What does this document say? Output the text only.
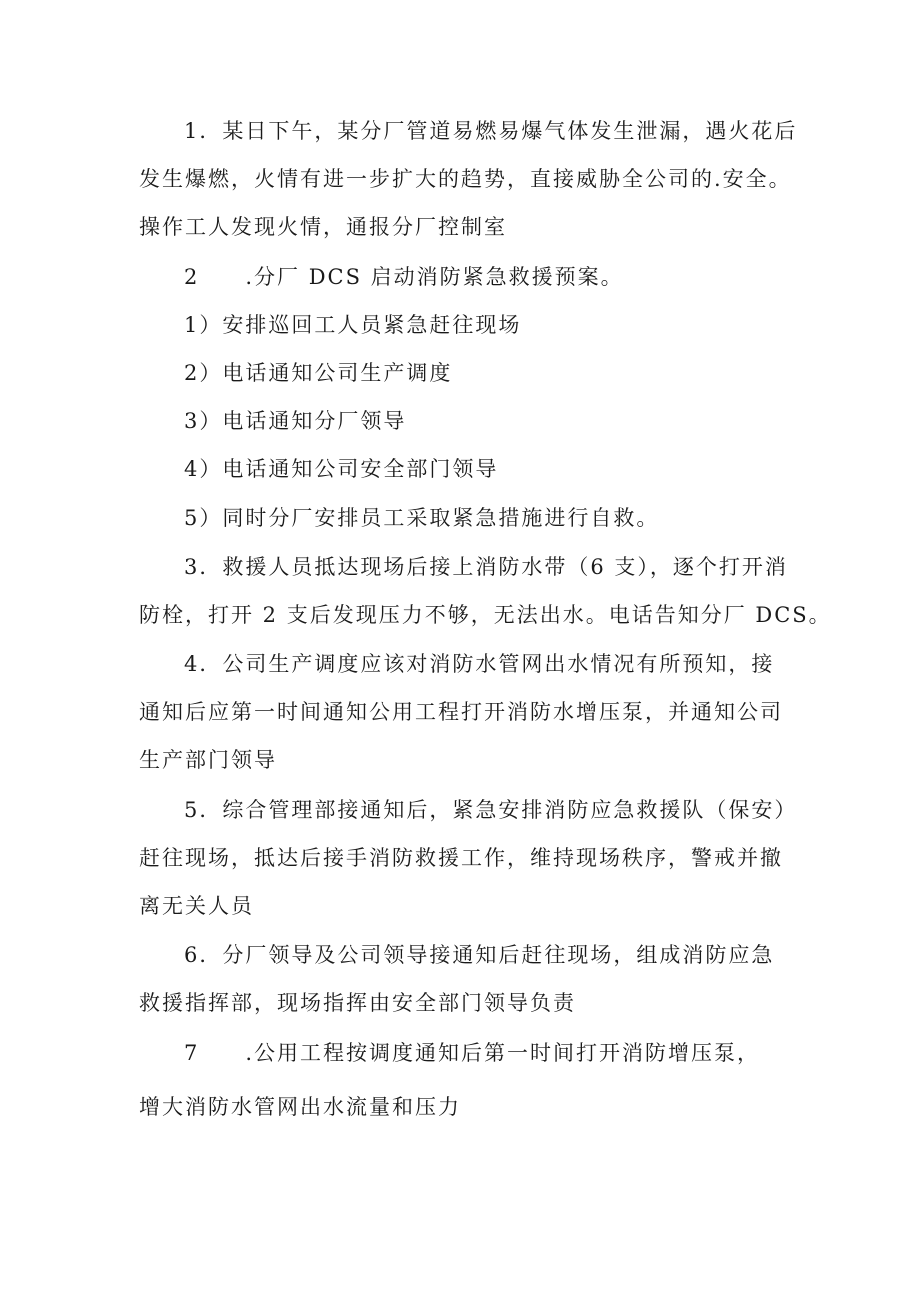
1．某日下午，某分厂管道易燃易爆气体发生泄漏，遇火花后
发生爆燃，火情有进一步扩大的趋势，直接威胁全公司的.安全。
操作工人发现火情，通报分厂控制室
2　　.分厂 DCS 启动消防紧急救援预案。
1）安排巡回工人员紧急赶往现场
2）电话通知公司生产调度
3）电话通知分厂领导
4）电话通知公司安全部门领导
5）同时分厂安排员工采取紧急措施进行自救。
3．救援人员抵达现场后接上消防水带（6 支），逐个打开消
防栓，打开 2 支后发现压力不够，无法出水。电话告知分厂 DCS。
4．公司生产调度应该对消防水管网出水情况有所预知，接
通知后应第一时间通知公用工程打开消防水增压泵，并通知公司
生产部门领导
5．综合管理部接通知后，紧急安排消防应急救援队（保安）
赶往现场，抵达后接手消防救援工作，维持现场秩序，警戒并撤
离无关人员
6．分厂领导及公司领导接通知后赶往现场，组成消防应急
救援指挥部，现场指挥由安全部门领导负责
7　　.公用工程按调度通知后第一时间打开消防增压泵，
增大消防水管网出水流量和压力
